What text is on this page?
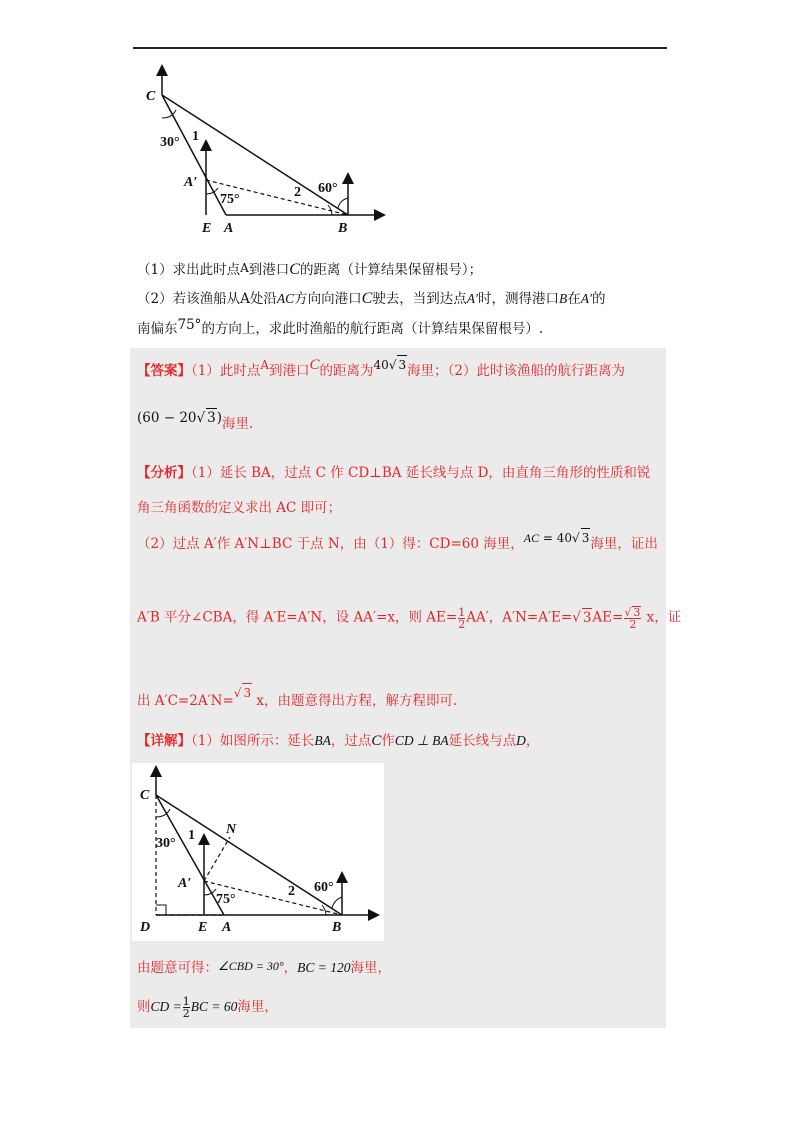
C
30° 1
A′
75°	2 60°
E A	B
（1）求出此时点A到港口C的距离（计算结果保留根号）；
（2）若该渔船从A处沿AC方向向港口C驶去，当到达点A′时，测得港口B在A′的
南偏东75°的方向上，求此时渔船的航行距离（计算结果保留根号）.
【答案】（1）此时点A到港口C的距离为40√ 3海里；（2）此时该渔船的航行距离为
(60 − 20√ 3)海里.
【分析】（1）延长 BA，过点 C 作 CD⊥BA 延长线与点 D，由直角三角形的性质和锐
角三角函数的定义求出 AC 即可；
（2）过点 A′作 A′N⊥BC 于点 N，由（1）得：CD=60 海里，AC = 40√ 3海里，证出
A′B 平分∠CBA，得 A′E=A′N，设 AA′=x，则 $AE= \frac{1}{2} AA'$，A′N=A′E=√ $3AE= \frac{√ 3}{2}$ x，证
出 A′C=2A′N=√ 3 x，由题意得出方程，解方程即可.
【详解】（1）如图所示：延长BA，过点C作CD ⊥ BA延长线与点D，
C
N
30°
1
A′
75°
2 60°
D	E A	B
由题意可得：∠CBD = 30°，BC = 120海里，
则CD = $\frac{1}{2}$ BC = 60海里，
